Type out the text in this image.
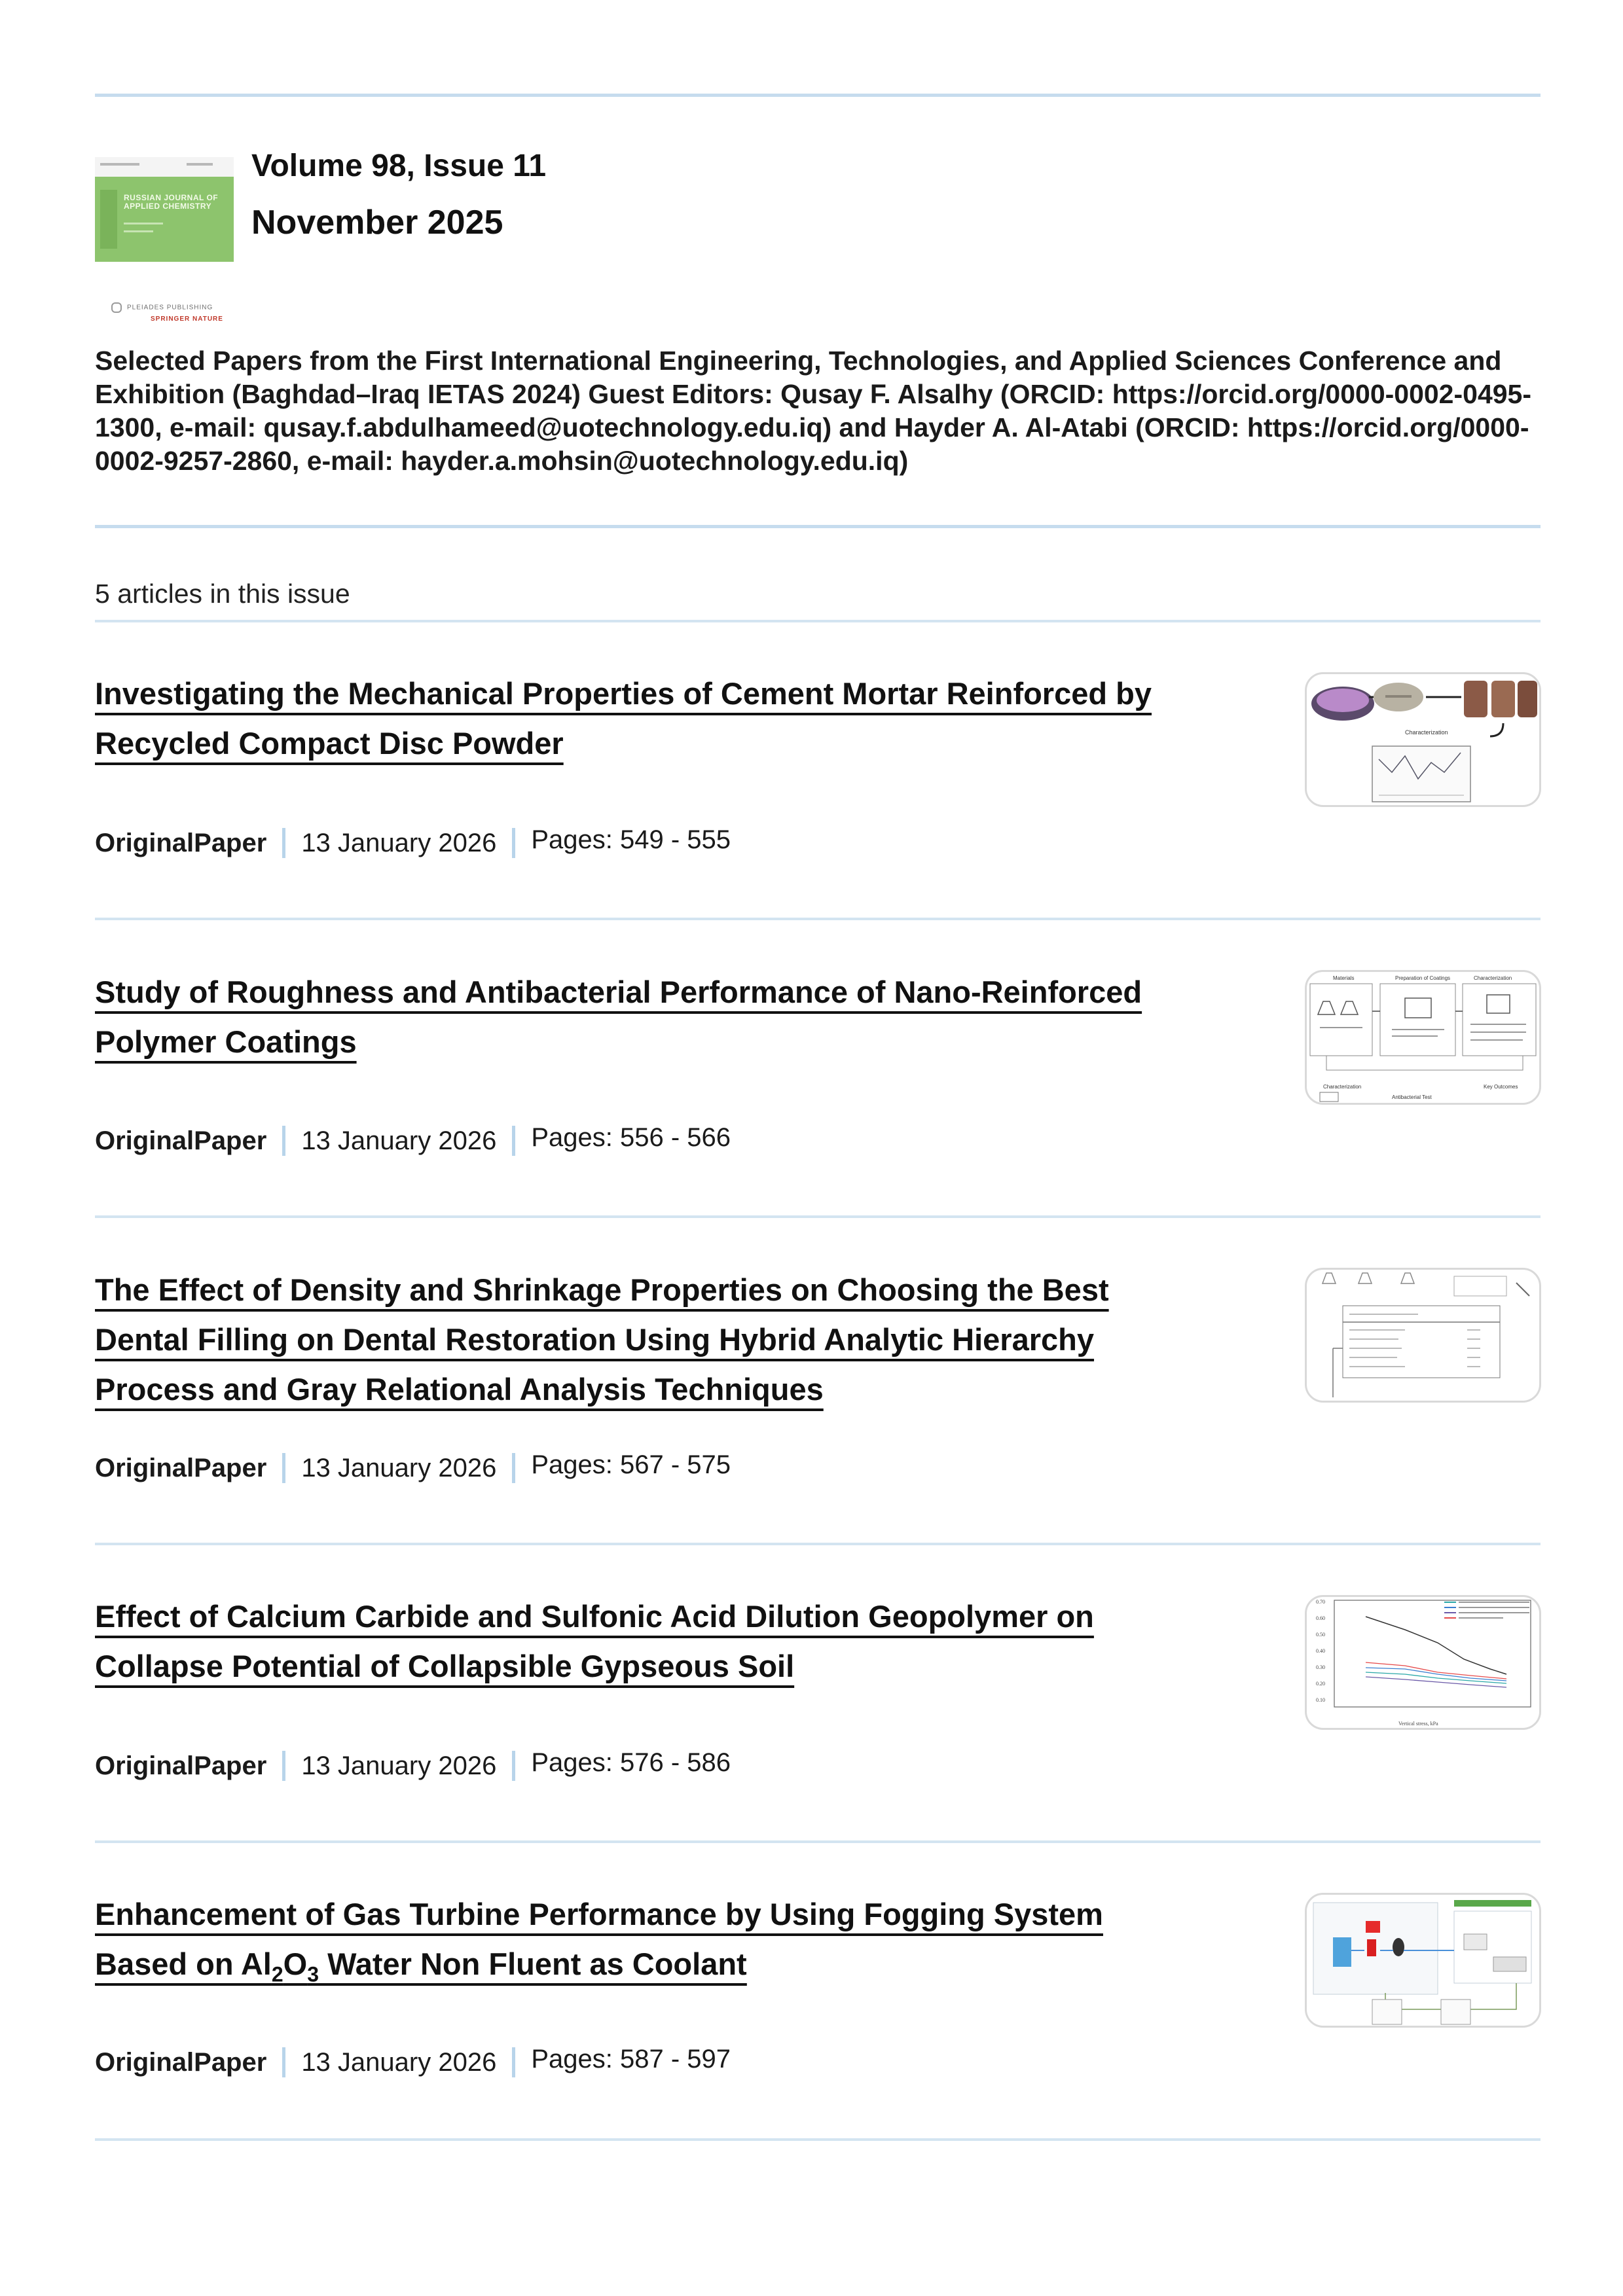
RUSSIAN JOURNAL OF
APPLIED CHEMISTRY
PLEIADES PUBLISHING
SPRINGER NATURE
Volume 98, Issue 11
November 2025
Selected Papers from the First International Engineering, Technologies, and Applied Sciences Conference and Exhibition (Baghdad–Iraq IETAS 2024) Guest Editors: Qusay F. Alsalhy (ORCID: https://orcid.org/0000-0002-0495-1300, e-mail: qusay.f.abdulhameed@uotechnology.edu.iq) and Hayder A. Al-Atabi (ORCID: https://orcid.org/0000-0002-9257-2860, e-mail: hayder.a.mohsin@uotechnology.edu.iq)
5 articles in this issue
Investigating the Mechanical Properties of Cement Mortar Reinforced by
Recycled Compact Disc Powder	Characterization
OriginalPaper 13 January 2026 Pages: 549 - 555
Study of Roughness and Antibacterial Performance of Nano-Reinforced
Polymer Coatings
Materials	Preparation of Coatings	Characterization
Characterization
Antibacterial Test
Key Outcomes
OriginalPaper 13 January 2026 Pages: 556 - 566
The Effect of Density and Shrinkage Properties on Choosing the Best
Dental Filling on Dental Restoration Using Hybrid Analytic Hierarchy
Process and Gray Relational Analysis Techniques
OriginalPaper 13 January 2026 Pages: 567 - 575
Effect of Calcium Carbide and Sulfonic Acid Dilution Geopolymer on
Collapse Potential of Collapsible Gypseous Soil
0.70
0.60
0.50
0.40
0.30
0.20
0.10
Vertical stress, kPa
OriginalPaper 13 January 2026 Pages: 576 - 586
Enhancement of Gas Turbine Performance by Using Fogging System
Based on $Al_2O_3$ Water Non Fluent as Coolant
OriginalPaper 13 January 2026 Pages: 587 - 597
